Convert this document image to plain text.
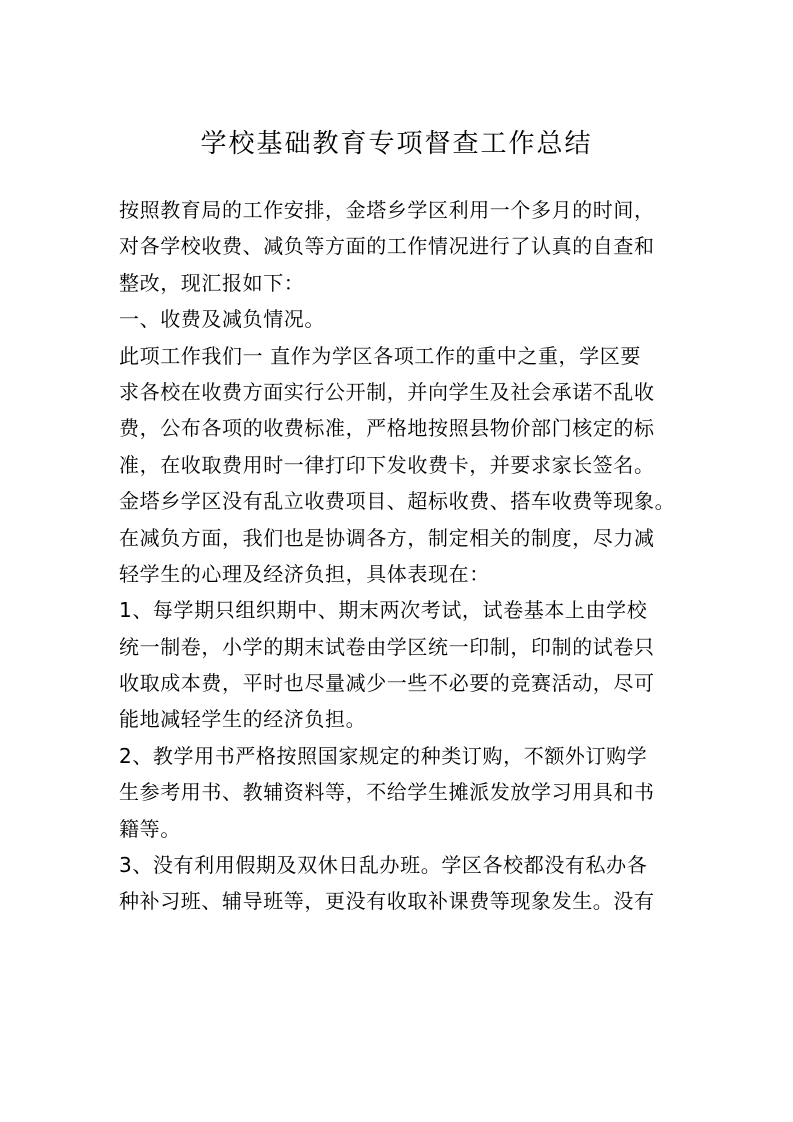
学校基础教育专项督查工作总结
按照教育局的工作安排，金塔乡学区利用一个多月的时间，
对各学校收费、减负等方面的工作情况进行了认真的自查和
整改，现汇报如下：
一、收费及减负情况。
此项工作我们一 直作为学区各项工作的重中之重，学区要
求各校在收费方面实行公开制，并向学生及社会承诺不乱收
费，公布各项的收费标准，严格地按照县物价部门核定的标
准，在收取费用时一律打印下发收费卡，并要求家长签名。
金塔乡学区没有乱立收费项目、超标收费、搭车收费等现象。
在减负方面，我们也是协调各方，制定相关的制度，尽力减
轻学生的心理及经济负担，具体表现在：
1、每学期只组织期中、期末两次考试，试卷基本上由学校
统一制卷，小学的期末试卷由学区统一印制，印制的试卷只
收取成本费，平时也尽量减少一些不必要的竞赛活动，尽可
能地减轻学生的经济负担。
2、教学用书严格按照国家规定的种类订购，不额外订购学
生参考用书、教辅资料等，不给学生摊派发放学习用具和书
籍等。
3、没有利用假期及双休日乱办班。学区各校都没有私办各
种补习班、辅导班等，更没有收取补课费等现象发生。没有
